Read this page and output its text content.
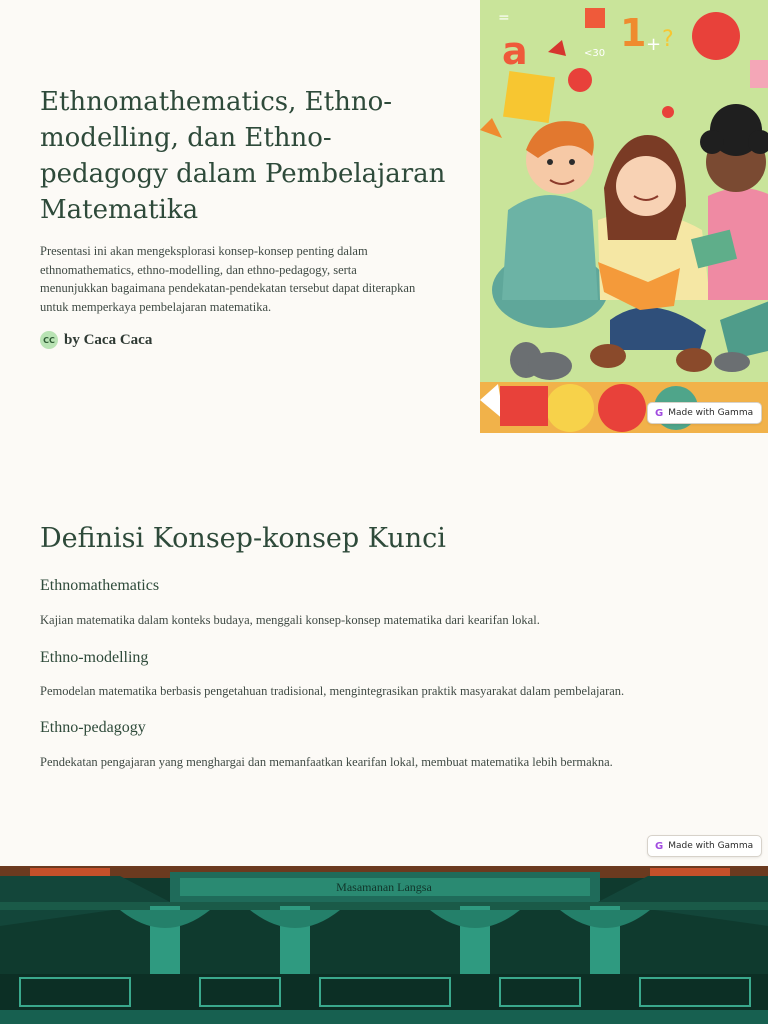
Ethnomathematics, Ethno-modelling, dan Ethno-pedagogy dalam Pembelajaran Matematika

Presentasi ini akan mengeksplorasi konsep-konsep penting dalam ethnomathematics, ethno-modelling, dan ethno-pedagogy, serta menunjukkan bagaimana pendekatan-pendekatan tersebut dapat diterapkan untuk memperkaya pembelajaran matematika.

CC by Caca Caca
a 1 + ?
=
<30
G Made with Gamma
Definisi Konsep-konsep Kunci
Ethnomathematics

Kajian matematika dalam konteks budaya, menggali konsep-konsep matematika dari kearifan lokal.

Ethno-modelling

Pemodelan matematika berbasis pengetahuan tradisional, mengintegrasikan praktik masyarakat dalam pembelajaran.

Ethno-pedagogy

Pendekatan pengajaran yang menghargai dan memanfaatkan kearifan lokal, membuat matematika lebih bermakna.

G Made with Gamma
Masamanan Langsa
